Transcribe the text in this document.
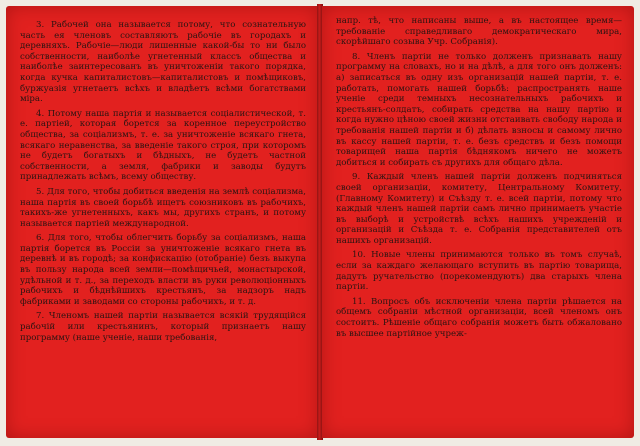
3. Рабочей она называется потому, что сознательную часть ея членовъ составляютъ рабочіе въ городахъ и деревняхъ. Рабочіе—люди лишенные какой-бы то ни было собственности, наиболѣе угнетенный классъ общества и наиболѣе заинтересованъ въ уничтоженіи такого порядка, когда кучка капиталистовъ—капиталистовъ и помѣщиковъ, буржуазія угнетаетъ всѣхъ и владѣетъ всѣми богатствами міра.

4. Потому наша партія и называется соціалистической, т. е. партіей, которая борется за коренное переустройство общества, за соціализмъ, т. е. за уничтоженіе всякаго гнета, всякаго неравенства, за введеніе такого строя, при которомъ не будетъ богатыхъ и бѣдныхъ, не будетъ частной собственности, а земля, фабрики и заводы будутъ принадлежать всѣмъ, всему обществу.

5. Для того, чтобы добиться введенія на землѣ соціализма, наша партія въ своей борьбѣ ищетъ союзниковъ въ рабочихъ, такихъ-же угнетенныхъ, какъ мы, другихъ странъ, и потому называется партіей международной.

6. Для того, чтобы облегчить борьбу за соціализмъ, наша партія борется въ Россіи за уничтоженіе всякаго гнета въ деревнѣ и въ городѣ; за конфискацію (отобраніе) безъ выкупа въ пользу народа всей земли—помѣщичьей, монастырской, удѣльной и т. д., за переходъ власти въ руки революціонныхъ рабочихъ и бѣднѣйшихъ крестьянъ, за надзоръ надъ фабриками и заводами со стороны рабочихъ, и т. д.

7. Членомъ нашей партіи называется всякій трудящійся рабочій или крестьянинъ, который признаетъ нашу программу (наше ученіе, наши требованія,

напр. тѣ, что написаны выше, а въ настоящее время—требованіе справедливаго демократическаго мира, скорѣйшаго созыва Учр. Собранія).

8. Членъ партіи не только долженъ признавать нашу программу на словахъ, но и на дѣлѣ, а для того онъ долженъ: а) записаться въ одну изъ организацій нашей партіи, т. е. работать, помогать нашей борьбѣ: распространять наше ученіе среди темныхъ несознательныхъ рабочихъ и крестьянъ-солдатъ, собирать средства на нашу партію и когда нужно цѣною своей жизни отстаивать свободу народа и требованія нашей партіи и б) дѣлать взносы и самому лично въ кассу нашей партіи, т. е. безъ средствъ и безъ помощи товарищей наша партія бѣднякомъ ничего не можетъ добиться и собирать съ другихъ для общаго дѣла.

9. Каждый членъ нашей партіи долженъ подчиняться своей организаціи, комитету, Центральному Комитету, (Главному Комитету) и Съѣзду т. е. всей партіи, потому что каждый членъ нашей партіи самъ лично принимаетъ участіе въ выборѣ и устройствѣ всѣхъ нашихъ учрежденій и организацій и Съѣзда т. е. Собранія представителей отъ нашихъ организацій.

10. Новые члены принимаются только въ томъ случаѣ, если за каждаго желающаго вступить въ партію товарища, дадутъ ручательство (порекомендуютъ) два старыхъ члена партіи.

11. Вопросъ объ исключеніи члена партіи рѣшается на общемъ собраніи мѣстной организаціи, всей членомъ онъ состоитъ. Рѣшеніе общаго собранія можетъ быть обжаловано въ высшее партійное учреж-
